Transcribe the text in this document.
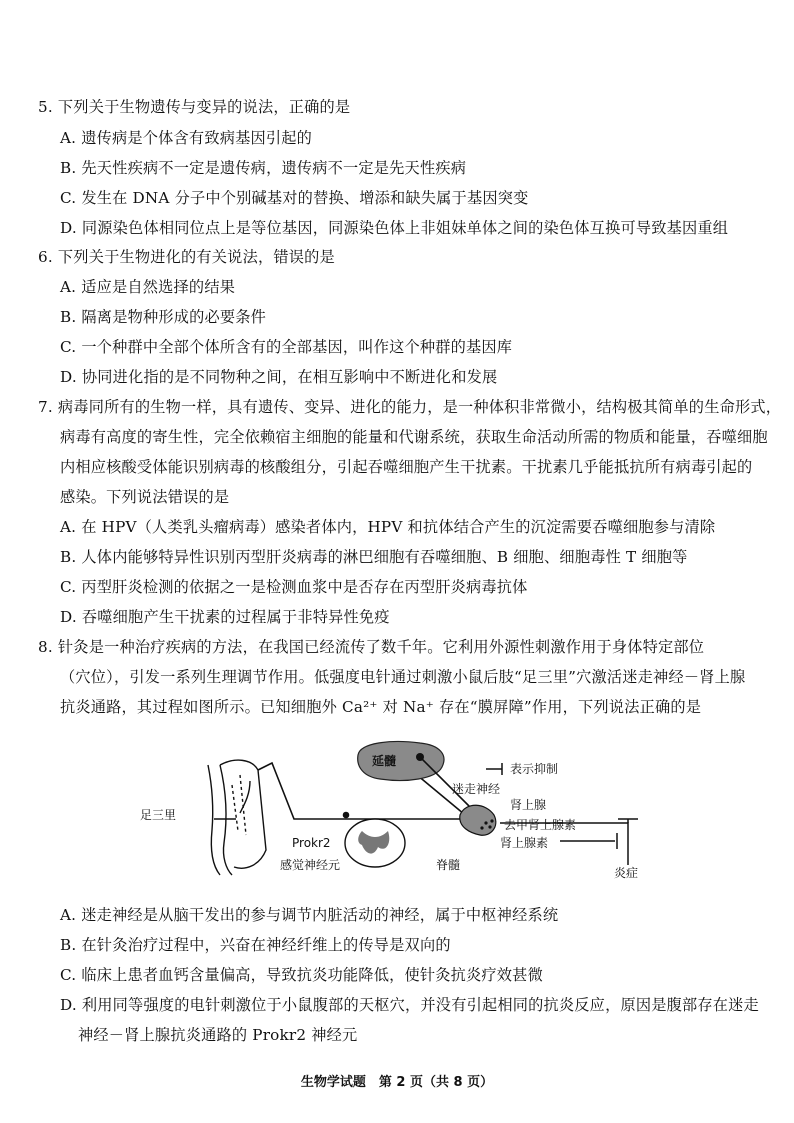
5. 下列关于生物遗传与变异的说法，正确的是
A. 遗传病是个体含有致病基因引起的
B. 先天性疾病不一定是遗传病，遗传病不一定是先天性疾病
C. 发生在 DNA 分子中个别碱基对的替换、增添和缺失属于基因突变
D. 同源染色体相同位点上是等位基因，同源染色体上非姐妹单体之间的染色体互换可导致基因重组
6. 下列关于生物进化的有关说法，错误的是
A. 适应是自然选择的结果
B. 隔离是物种形成的必要条件
C. 一个种群中全部个体所含有的全部基因，叫作这个种群的基因库
D. 协同进化指的是不同物种之间，在相互影响中不断进化和发展
7. 病毒同所有的生物一样，具有遗传、变异、进化的能力，是一种体积非常微小，结构极其简单的生命形式，
病毒有高度的寄生性，完全依赖宿主细胞的能量和代谢系统，获取生命活动所需的物质和能量，吞噬细胞
内相应核酸受体能识别病毒的核酸组分，引起吞噬细胞产生干扰素。干扰素几乎能抵抗所有病毒引起的
感染。下列说法错误的是
A. 在 HPV（人类乳头瘤病毒）感染者体内，HPV 和抗体结合产生的沉淀需要吞噬细胞参与清除
B. 人体内能够特异性识别丙型肝炎病毒的淋巴细胞有吞噬细胞、B 细胞、细胞毒性 T 细胞等
C. 丙型肝炎检测的依据之一是检测血浆中是否存在丙型肝炎病毒抗体
D. 吞噬细胞产生干扰素的过程属于非特异性免疫
8. 针灸是一种治疗疾病的方法，在我国已经流传了数千年。它利用外源性刺激作用于身体特定部位
（穴位），引发一系列生理调节作用。低强度电针通过刺激小鼠后肢“足三里”穴激活迷走神经－肾上腺
抗炎通路，其过程如图所示。已知细胞外 Ca²⁺ 对 Na⁺ 存在“膜屏障”作用，下列说法正确的是
足三里
延髓
迷走神经
表示抑制
肾上腺
去甲肾上腺素
肾上腺素
Prokr2
感觉神经元	脊髓
炎症
A. 迷走神经是从脑干发出的参与调节内脏活动的神经，属于中枢神经系统
B. 在针灸治疗过程中，兴奋在神经纤维上的传导是双向的
C. 临床上患者血钙含量偏高，导致抗炎功能降低，使针灸抗炎疗效甚微
D. 利用同等强度的电针刺激位于小鼠腹部的天枢穴，并没有引起相同的抗炎反应，原因是腹部存在迷走
神经－肾上腺抗炎通路的 Prokr2 神经元
生物学试题　第 2 页（共 8 页）
